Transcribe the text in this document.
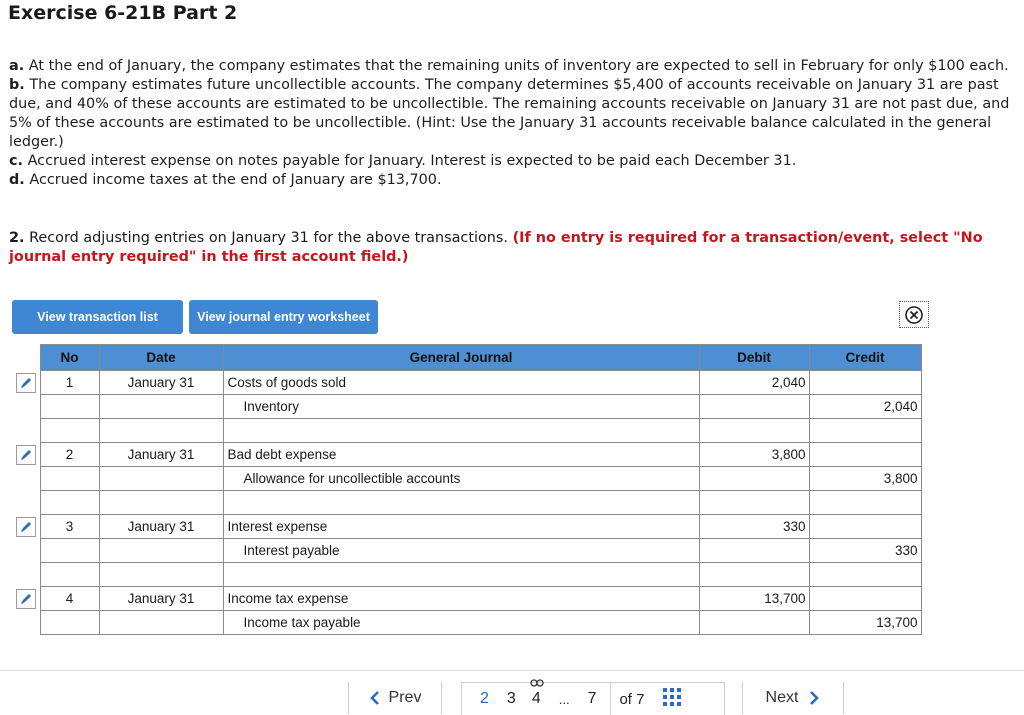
Exercise 6-21B Part 2

a. At the end of January, the company estimates that the remaining units of inventory are expected to sell in February for only $100 each.

b. The company estimates future uncollectible accounts. The company determines $5,400 of accounts receivable on January 31 are past due, and 40% of these accounts are estimated to be uncollectible. The remaining accounts receivable on January 31 are not past due, and 5% of these accounts are estimated to be uncollectible. (Hint: Use the January 31 accounts receivable balance calculated in the general ledger.)

c. Accrued interest expense on notes payable for January. Interest is expected to be paid each December 31.

d. Accrued income taxes at the end of January are $13,700.

2. Record adjusting entries on January 31 for the above transactions. (If no entry is required for a transaction/event, select "No journal entry required" in the first account field.)
View transaction list	View journal entry worksheet
	No	Date	General Journal	Debit	Credit

	1	January 31	Costs of goods sold	2,040	
			Inventory		2,040

	2	January 31	Bad debt expense	3,800	
			Allowance for uncollectible accounts		3,800

	3	January 31	Interest expense	330	
			Interest payable		330

	4	January 31	Income tax expense	13,700	
			Income tax payable		13,700
Prev	2 3 4 ... 7 of 7	Next
